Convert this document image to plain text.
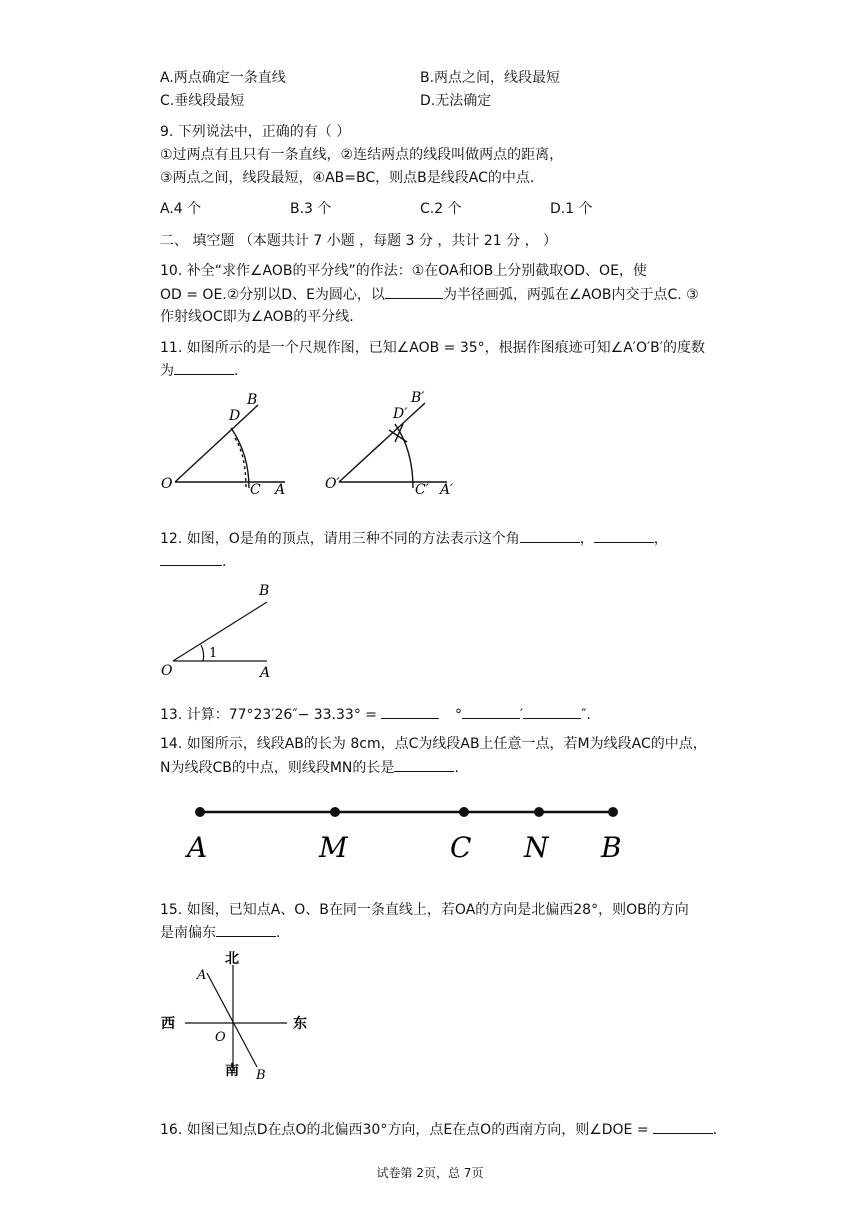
A.两点确定一条直线	B.两点之间，线段最短
C.垂线段最短	D.无法确定
9. 下列说法中，正确的有（ ）
①过两点有且只有一条直线，②连结两点的线段叫做两点的距离，
③两点之间，线段最短，④AB=BC，则点B是线段AC的中点.
A.4 个	B.3 个	C.2 个	D.1 个
二、 填空题 （本题共计 7 小题 ，每题 3 分 ，共计 21 分 ， ）
10. 补全“求作∠AOB的平分线”的作法：①在OA和OB上分别截取OD、OE，使
OD = OE.②分别以D、E为圆心，以	为半径画弧，两弧在∠AOB内交于点C. ③
作射线OC即为∠AOB的平分线.
11. 如图所示的是一个尺规作图，已知∠AOB = 35°，根据作图痕迹可知∠A′O′B′的度数
为	.
O	C A
D
B
O′	C′ A′
D′
B′
12. 如图，O是角的顶点，请用三种不同的方法表示这个角	，	，
.
B
O	A
1
13. 计算：77°23′26″− 33.33° =	°	′	″.
14. 如图所示，线段AB的长为 8cm，点C为线段AB上任意一点，若M为线段AC的中点，
N为线段CB的中点，则线段MN的长是	.
A	M	C N B
15. 如图，已知点A、O、B在同一条直线上，若OA的方向是北偏西28°，则OB的方向
是南偏东	.
北
南
西	东
A
B
O
16. 如图已知点D在点O的北偏西30°方向，点E在点O的西南方向，则∠DOE =	.
试卷第 2页，总 7页
